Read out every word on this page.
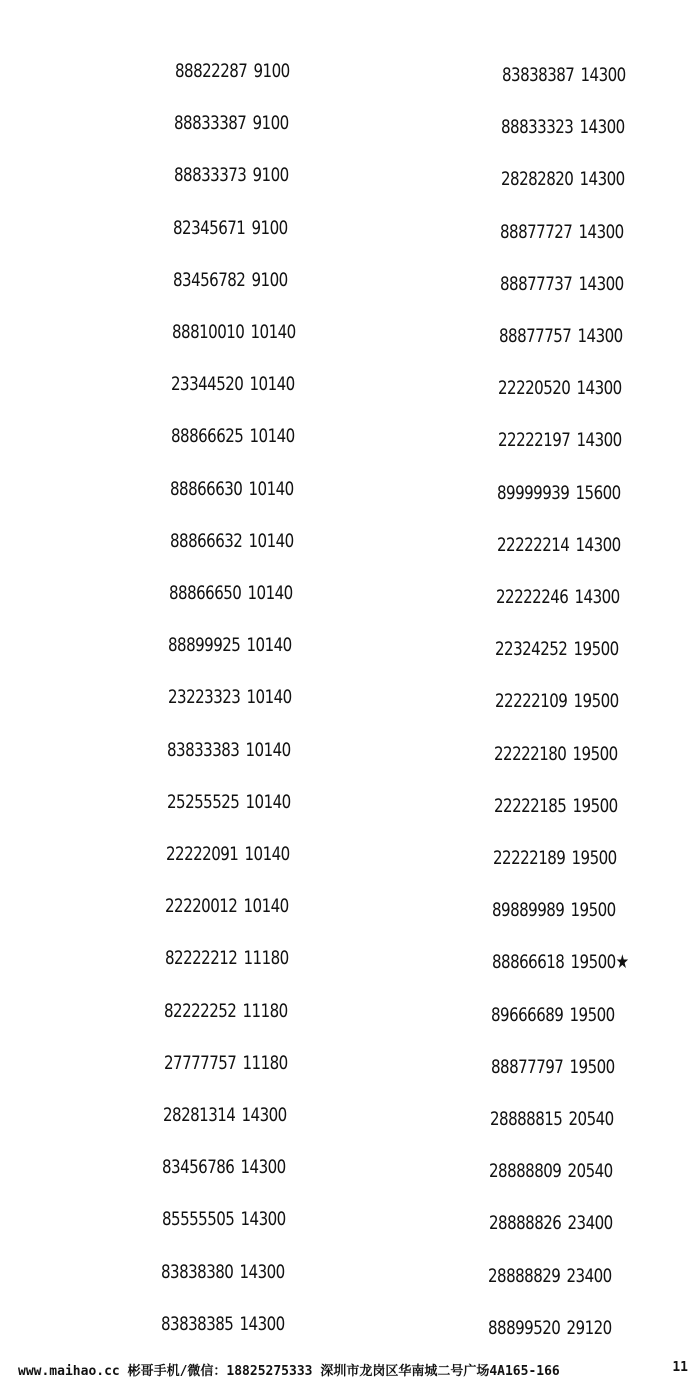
88822287 9100
88833387 9100
88833373 9100
82345671 9100
83456782 9100
88810010 10140
23344520 10140
88866625 10140
88866630 10140
88866632 10140
88866650 10140
88899925 10140
23223323 10140
83833383 10140
25255525 10140
22222091 10140
22220012 10140
82222212 11180
82222252 11180
27777757 11180
28281314 14300
83456786 14300
85555505 14300
83838380 14300
83838385 14300
83838387 14300
88833323 14300
28282820 14300
88877727 14300
88877737 14300
88877757 14300
22220520 14300
22222197 14300
89999939 15600
22222214 14300
22222246 14300
22324252 19500
22222109 19500
22222180 19500
22222185 19500
22222189 19500
89889989 19500
88866618 19500★
89666689 19500
88877797 19500
28888815 20540
28888809 20540
28888826 23400
28888829 23400
88899520 29120
www.maihao.cc 彬哥手机/微信：18825275333 深圳市龙岗区华南城二号广场4A165-166	11
